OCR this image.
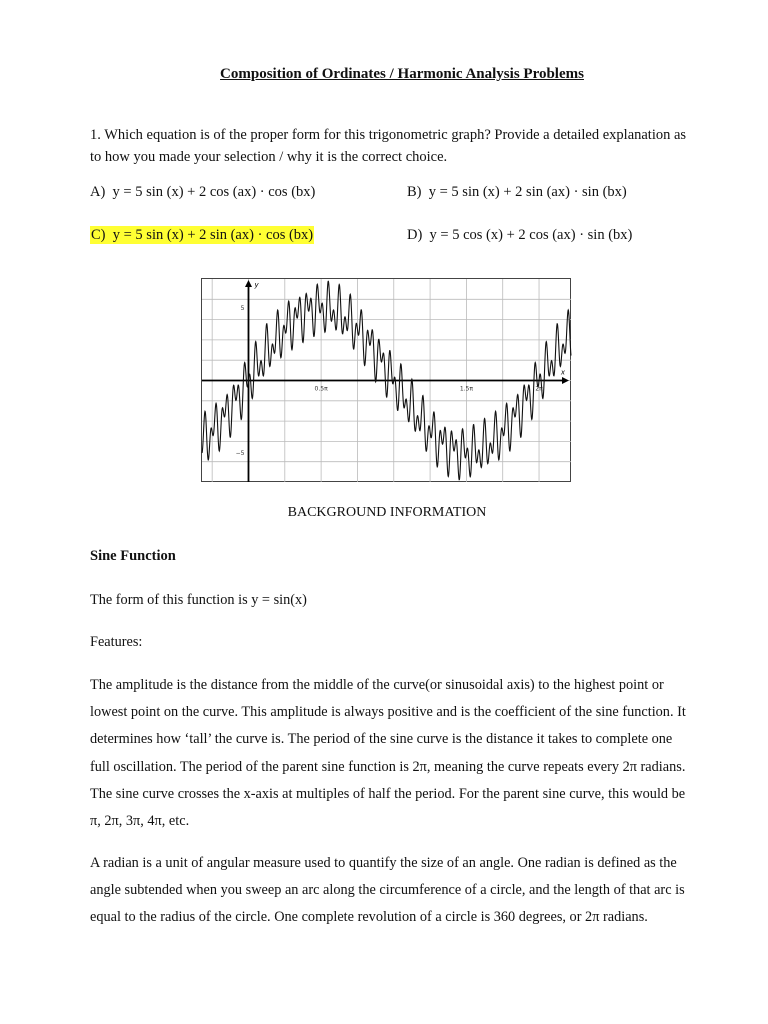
Composition of Ordinates / Harmonic Analysis Problems
1. Which equation is of the proper form for this trigonometric graph? Provide a detailed explanation as to how you made your selection / why it is the correct choice.
A) y = 5 sin (x) + 2 cos (ax) · cos (bx)	B) y = 5 sin (x) + 2 sin (ax) · sin (bx)
C) y = 5 sin (x) + 2 sin (ax) · cos (bx)	D) y = 5 cos (x) + 2 cos (ax) · sin (bx)
0.5π	1.5π	2π
5
−5
x
y
BACKGROUND INFORMATION
Sine Function
The form of this function is y = sin(x)
Features:
The amplitude is the distance from the middle of the curve(or sinusoidal axis) to the highest point or lowest point on the curve. This amplitude is always positive and is the coefficient of the sine function. It determines how ‘tall’ the curve is. The period of the sine curve is the distance it takes to complete one full oscillation. The period of the parent sine function is 2π, meaning the curve repeats every 2π radians. The sine curve crosses the x-axis at multiples of half the period. For the parent sine curve, this would be π, 2π, 3π, 4π, etc.
A radian is a unit of angular measure used to quantify the size of an angle. One radian is defined as the angle subtended when you sweep an arc along the circumference of a circle, and the length of that arc is equal to the radius of the circle. One complete revolution of a circle is 360 degrees, or 2π radians.
